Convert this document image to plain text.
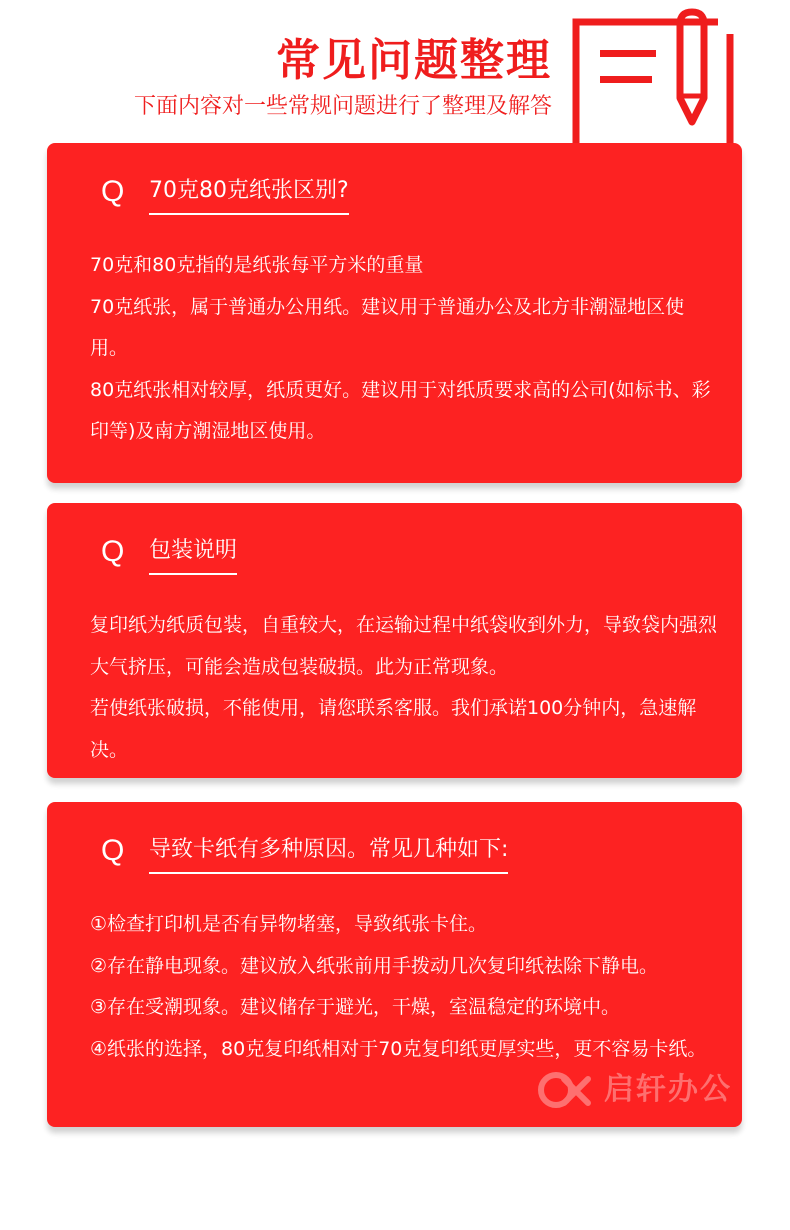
常见问题整理
下面内容对一些常规问题进行了整理及解答
Q	70克80克纸张区别?

70克和80克指的是纸张每平方米的重量

70克纸张，属于普通办公用纸。建议用于普通办公及北方非潮湿地区使用。

80克纸张相对较厚，纸质更好。建议用于对纸质要求高的公司(如标书、彩印等)及南方潮湿地区使用。

Q	包装说明

复印纸为纸质包装，自重较大，在运输过程中纸袋收到外力，导致袋内强烈大气挤压，可能会造成包装破损。此为正常现象。

若使纸张破损，不能使用，请您联系客服。我们承诺100分钟内，急速解决。

Q	导致卡纸有多种原因。常见几种如下:

①检查打印机是否有异物堵塞，导致纸张卡住。

②存在静电现象。建议放入纸张前用手拨动几次复印纸祛除下静电。

③存在受潮现象。建议储存于避光，干燥，室温稳定的环境中。

④纸张的选择，80克复印纸相对于70克复印纸更厚实些，更不容易卡纸。

启轩办公
